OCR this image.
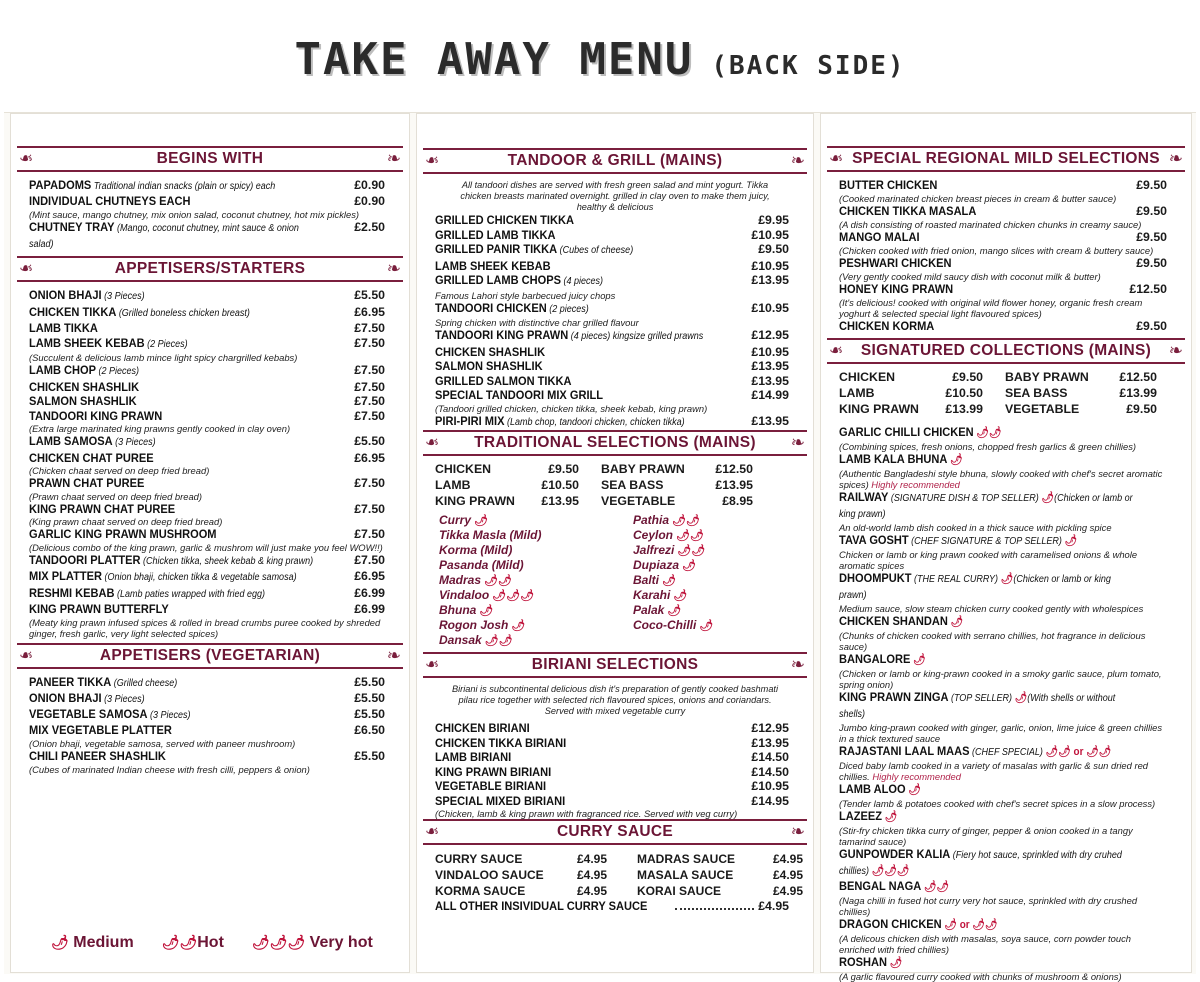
TAKE AWAY MENU (BACK SIDE)
❧ BEGINS WITH
❧
PAPADOMS Traditional indian snacks (plain or spicy) each	£0.90
INDIVIDUAL CHUTNEYS EACH	£0.90
(Mint sauce, mango chutney, mix onion salad, coconut chutney, hot mix pickles)
CHUTNEY TRAY (Mango, coconut chutney, mint sauce & onion salad)
£2.50
❧ APPETISERS/STARTERS
❧
ONION BHAJI (3 Pieces)	£5.50
CHICKEN TIKKA (Grilled boneless chicken breast)	£6.95
LAMB TIKKA	£7.50
LAMB SHEEK KEBAB (2 Pieces)	£7.50
(Succulent & delicious lamb mince light spicy chargrilled kebabs)
LAMB CHOP (2 Pieces)	£7.50
CHICKEN SHASHLIK	£7.50
SALMON SHASHLIK	£7.50
TANDOORI KING PRAWN	£7.50
(Extra large marinated king prawns gently cooked in clay oven)
LAMB SAMOSA (3 Pieces)	£5.50
CHICKEN CHAT PUREE	£6.95
(Chicken chaat served on deep fried bread)
PRAWN CHAT PUREE	£7.50
(Prawn chaat served on deep fried bread)
KING PRAWN CHAT PUREE	£7.50
(King prawn chaat served on deep fried bread)
GARLIC KING PRAWN MUSHROOM	£7.50
(Delicious combo of the king prawn, garlic & mushrom will just make you feel WOW!!)
TANDOORI PLATTER (Chicken tikka, sheek kebab & king prawn)	£7.50
MIX PLATTER (Onion bhaji, chicken tikka & vegetable samosa)	£6.95
RESHMI KEBAB (Lamb paties wrapped with fried egg)	£6.99
KING PRAWN BUTTERFLY	£6.99
(Meaty king prawn infused spices & rolled in bread crumbs puree cooked by shreded ginger, fresh garlic, very light selected spices)
❧ APPETISERS (VEGETARIAN)
❧
PANEER TIKKA (Grilled cheese)	£5.50
ONION BHAJI (3 Pieces)	£5.50
VEGETABLE SAMOSA (3 Pieces)	£5.50
MIX VEGETABLE PLATTER	£6.50
(Onion bhaji, vegetable samosa, served with paneer mushroom)
CHILI PANEER SHASHLIK	£5.50
(Cubes of marinated Indian cheese with fresh cilli, peppers & onion)
🌶 Medium 🌶🌶Hot 🌶🌶🌶 Very hot
❧ TANDOOR & GRILL (MAINS)
❧
All tandoori dishes are served with fresh green salad and mint yogurt. Tikka chicken breasts marinated overnight. grilled in clay oven to make them juicy, healthy & delicious
GRILLED CHICKEN TIKKA	£9.95
GRILLED LAMB TIKKA	£10.95
GRILLED PANIR TIKKA (Cubes of cheese)	£9.50
LAMB SHEEK KEBAB	£10.95
GRILLED LAMB CHOPS (4 pieces)	£13.95
Famous Lahori style barbecued juicy chops
TANDOORI CHICKEN (2 pieces)	£10.95
Spring chicken with distinctive char grilled flavour
TANDOORI KING PRAWN (4 pieces) kingsize grilled prawns	£12.95
CHICKEN SHASHLIK	£10.95
SALMON SHASHLIK	£13.95
GRILLED SALMON TIKKA	£13.95
SPECIAL TANDOORI MIX GRILL	£14.99
(Tandoori grilled chicken, chicken tikka, sheek kebab, king prawn)
PIRI-PIRI MIX (Lamb chop, tandoori chicken, chicken tikka)	£13.95
❧ TRADITIONAL SELECTIONS (MAINS)
❧
CHICKEN	£9.50 BABY PRAWN	£12.50
LAMB	£10.50 SEA BASS	£13.95
KING PRAWN	£13.95 VEGETABLE	£8.95
Curry 🌶	Pathia 🌶🌶
Tikka Masla (Mild)	Ceylon 🌶🌶
Korma (Mild)	Jalfrezi 🌶🌶
Pasanda (Mild)	Dupiaza 🌶
Madras 🌶🌶	Balti 🌶
Vindaloo 🌶🌶🌶	Karahi 🌶
Bhuna 🌶	Palak 🌶
Rogon Josh 🌶	Coco-Chilli 🌶
Dansak 🌶🌶
❧ BIRIANI SELECTIONS
❧
Biriani is subcontinental delicious dish it's preparation of gently cooked bashmati pilau rice together with selected rich flavoured spices, onions and coriandars. Served with mixed vegetable curry
CHICKEN BIRIANI	£12.95
CHICKEN TIKKA BIRIANI	£13.95
LAMB BIRIANI	£14.50
KING PRAWN BIRIANI	£14.50
VEGETABLE BIRIANI	£10.95
SPECIAL MIXED BIRIANI	£14.95
(Chicken, lamb & king prawn with fragranced rice. Served with veg curry)
❧ CURRY SAUCE
❧
CURRY SAUCE	£4.95	MADRAS SAUCE	£4.95
VINDALOO SAUCE	£4.95	MASALA SAUCE	£4.95
KORMA SAUCE	£4.95	KORAI SAUCE	£4.95
ALL OTHER INSIVIDUAL CURRY SAUCE	£4.95
❧ SPECIAL REGIONAL MILD SELECTIONS
❧
BUTTER CHICKEN	£9.50
(Cooked marinated chicken breast pieces in cream & butter sauce)
CHICKEN TIKKA MASALA	£9.50
(A dish consisting of roasted marinated chicken chunks in creamy sauce)
MANGO MALAI	£9.50
(Chicken cooked with fried onion, mango slices with cream & buttery sauce)
PESHWARI CHICKEN	£9.50
(Very gently cooked mild saucy dish with coconut milk & butter)
HONEY KING PRAWN	£12.50
(It's delicious! cooked with original wild flower honey, organic fresh cream yoghurt & selected special light flavoured spices)
CHICKEN KORMA	£9.50
❧ SIGNATURED COLLECTIONS (MAINS)
❧
CHICKEN	£9.50 BABY PRAWN	£12.50
LAMB	£10.50 SEA BASS	£13.99
KING PRAWN	£13.99 VEGETABLE	£9.50
GARLIC CHILLI CHICKEN 🌶🌶
(Combining spices, fresh onions, chopped fresh garlics & green chillies)
LAMB KALA BHUNA 🌶
(Authentic Bangladeshi style bhuna, slowly cooked with chef's secret aromatic spices) Highly recommended
RAILWAY (SIGNATURE DISH & TOP SELLER) 🌶(Chicken or lamb or king prawn)
An old-world lamb dish cooked in a thick sauce with pickling spice
TAVA GOSHT (CHEF SIGNATURE & TOP SELLER) 🌶
Chicken or lamb or king prawn cooked with caramelised onions & whole aromatic spices
DHOOMPUKT (THE REAL CURRY) 🌶(Chicken or lamb or king prawn)
Medium sauce, slow steam chicken curry cooked gently with wholespices
CHICKEN SHANDAN 🌶
(Chunks of chicken cooked with serrano chillies, hot fragrance in delicious sauce)
BANGALORE 🌶
(Chicken or lamb or king-prawn cooked in a smoky garlic sauce, plum tomato, spring onion)
KING PRAWN ZINGA (TOP SELLER) 🌶(With shells or without shells)
Jumbo king-prawn cooked with ginger, garlic, onion, lime juice & green chillies in a thick textured sauce
RAJASTANI LAAL MAAS (CHEF SPECIAL) 🌶🌶 or 🌶🌶
Diced baby lamb cooked in a variety of masalas with garlic & sun dried red chillies. Highly recommended
LAMB ALOO 🌶
(Tender lamb & potatoes cooked with chef's secret spices in a slow process)
LAZEEZ 🌶
(Stir-fry chicken tikka curry of ginger, pepper & onion cooked in a tangy tamarind sauce)
GUNPOWDER KALIA (Fiery hot sauce, sprinkled with dry cruhed chillies) 🌶🌶🌶
BENGAL NAGA 🌶🌶
(Naga chilli in fused hot curry very hot sauce, sprinkled with dry crushed chillies)
DRAGON CHICKEN 🌶 or 🌶🌶
(A delicous chicken dish with masalas, soya sauce, corn powder touch enriched with fried chillies)
ROSHAN 🌶
(A garlic flavoured curry cooked with chunks of mushroom & onions)
